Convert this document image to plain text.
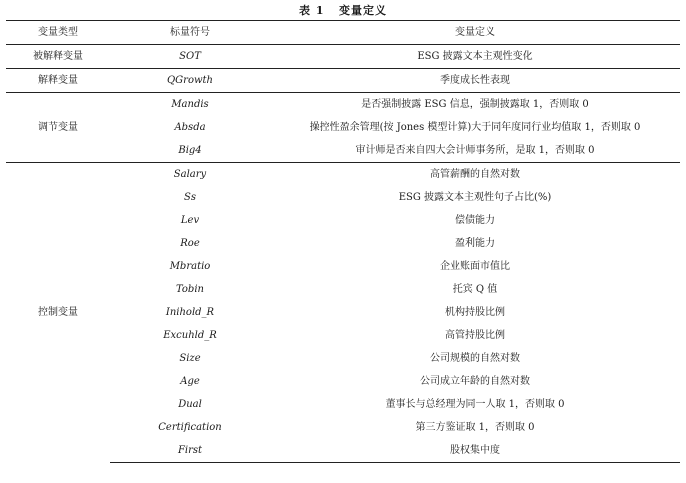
表 1 变量定义
变量类型	标量符号	变量定义
被解释变量	SOT	ESG 披露文本主观性变化
解释变量	QGrowth	季度成长性表现
调节变量	Mandis	是否强制披露 ESG 信息，强制披露取 1，否则取 0
	Absda	操控性盈余管理(按 Jones 模型计算)大于同年度同行业均值取 1，否则取 0
	Big4	审计师是否来自四大会计师事务所，是取 1，否则取 0
控制变量	Salary	高管薪酬的自然对数
	Ss	ESG 披露文本主观性句子占比(%)
	Lev	偿债能力
	Roe	盈利能力
	Mbratio	企业账面市值比
	Tobin	托宾 Q 值
	Inihold_R	机构持股比例
	Excuhld_R	高管持股比例
	Size	公司规模的自然对数
	Age	公司成立年龄的自然对数
	Dual	董事长与总经理为同一人取 1，否则取 0
	Certification	第三方鉴证取 1，否则取 0
	First	股权集中度
